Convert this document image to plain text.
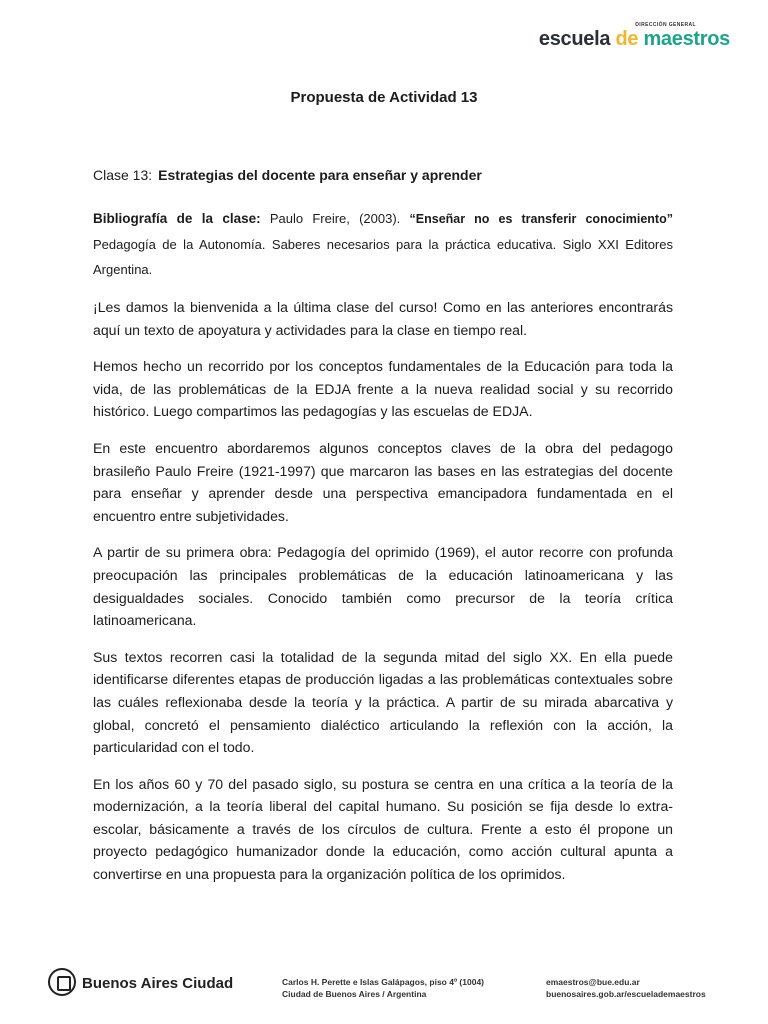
DIRECCIÓN GENERAL
escuela de maestros
Propuesta de Actividad 13

Clase 13: Estrategias del docente para enseñar y aprender

Bibliografía de la clase: Paulo Freire, (2003). “Enseñar no es transferir conocimiento” Pedagogía de la Autonomía. Saberes necesarios para la práctica educativa. Siglo XXI Editores Argentina.

¡Les damos la bienvenida a la última clase del curso! Como en las anteriores encontrarás aquí un texto de apoyatura y actividades para la clase en tiempo real.

Hemos hecho un recorrido por los conceptos fundamentales de la Educación para toda la vida, de las problemáticas de la EDJA frente a la nueva realidad social y su recorrido histórico. Luego compartimos las pedagogías y las escuelas de EDJA.

En este encuentro abordaremos algunos conceptos claves de la obra del pedagogo brasileño Paulo Freire (1921-1997) que marcaron las bases en las estrategias del docente para enseñar y aprender desde una perspectiva emancipadora fundamentada en el encuentro entre subjetividades.

A partir de su primera obra: Pedagogía del oprimido (1969), el autor recorre con profunda preocupación las principales problemáticas de la educación latinoamericana y las desigualdades sociales. Conocido también como precursor de la teoría crítica latinoamericana.

Sus textos recorren casi la totalidad de la segunda mitad del siglo XX. En ella puede identificarse diferentes etapas de producción ligadas a las problemáticas contextuales sobre las cuáles reflexionaba desde la teoría y la práctica. A partir de su mirada abarcativa y global, concretó el pensamiento dialéctico articulando la reflexión con la acción, la particularidad con el todo.

En los años 60 y 70 del pasado siglo, su postura se centra en una crítica a la teoría de la modernización, a la teoría liberal del capital humano. Su posición se fija desde lo extra-escolar, básicamente a través de los círculos de cultura. Frente a esto él propone un proyecto pedagógico humanizador donde la educación, como acción cultural apunta a convertirse en una propuesta para la organización política de los oprimidos.

Buenos Aires Ciudad	Carlos H. Perette e Islas Galápagos, piso 4º (1004)
Ciudad de Buenos Aires / Argentina
emaestros@bue.edu.ar
buenosaires.gob.ar/escuelademaestros
